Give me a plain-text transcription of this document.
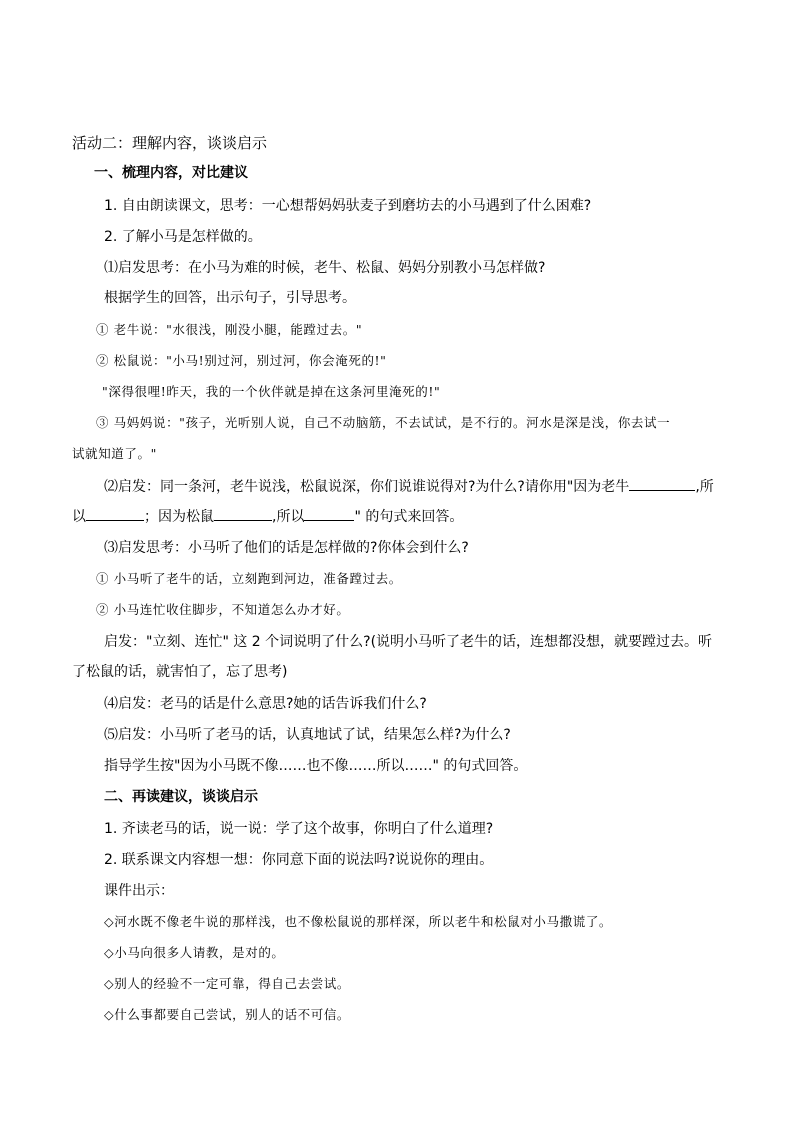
活动二：理解内容，谈谈启示
一、梳理内容，对比建议
1. 自由朗读课文，思考：一心想帮妈妈驮麦子到磨坊去的小马遇到了什么困难?
2. 了解小马是怎样做的。
⑴启发思考：在小马为难的时候，老牛、松鼠、妈妈分别教小马怎样做?
根据学生的回答，出示句子，引导思考。
① 老牛说："水很浅，刚没小腿，能蹚过去。"
② 松鼠说："小马!别过河，别过河，你会淹死的!"
"深得很哩!昨天，我的一个伙伴就是掉在这条河里淹死的!"
③ 马妈妈说："孩子，光听别人说，自己不动脑筋，不去试试，是不行的。河水是深是浅，你去试一
试就知道了。"
⑵启发：同一条河，老牛说浅，松鼠说深，你们说谁说得对?为什么?请你用"因为老牛	,所
以	；因为松鼠	,所以	" 的句式来回答。
⑶启发思考：小马听了他们的话是怎样做的?你体会到什么?
① 小马听了老牛的话，立刻跑到河边，准备蹚过去。
② 小马连忙收住脚步，不知道怎么办才好。
启发："立刻、连忙" 这 2 个词说明了什么?(说明小马听了老牛的话，连想都没想，就要蹚过去。听
了松鼠的话，就害怕了，忘了思考)
⑷启发：老马的话是什么意思?她的话告诉我们什么?
⑸启发：小马听了老马的话，认真地试了试，结果怎么样?为什么?
指导学生按"因为小马既不像……也不像……所以……" 的句式回答。
二、再读建议，谈谈启示
1. 齐读老马的话，说一说：学了这个故事，你明白了什么道理?
2. 联系课文内容想一想：你同意下面的说法吗?说说你的理由。
课件出示：
◇河水既不像老牛说的那样浅，也不像松鼠说的那样深，所以老牛和松鼠对小马撒谎了。
◇小马向很多人请教，是对的。
◇别人的经验不一定可靠，得自己去尝试。
◇什么事都要自己尝试，别人的话不可信。
